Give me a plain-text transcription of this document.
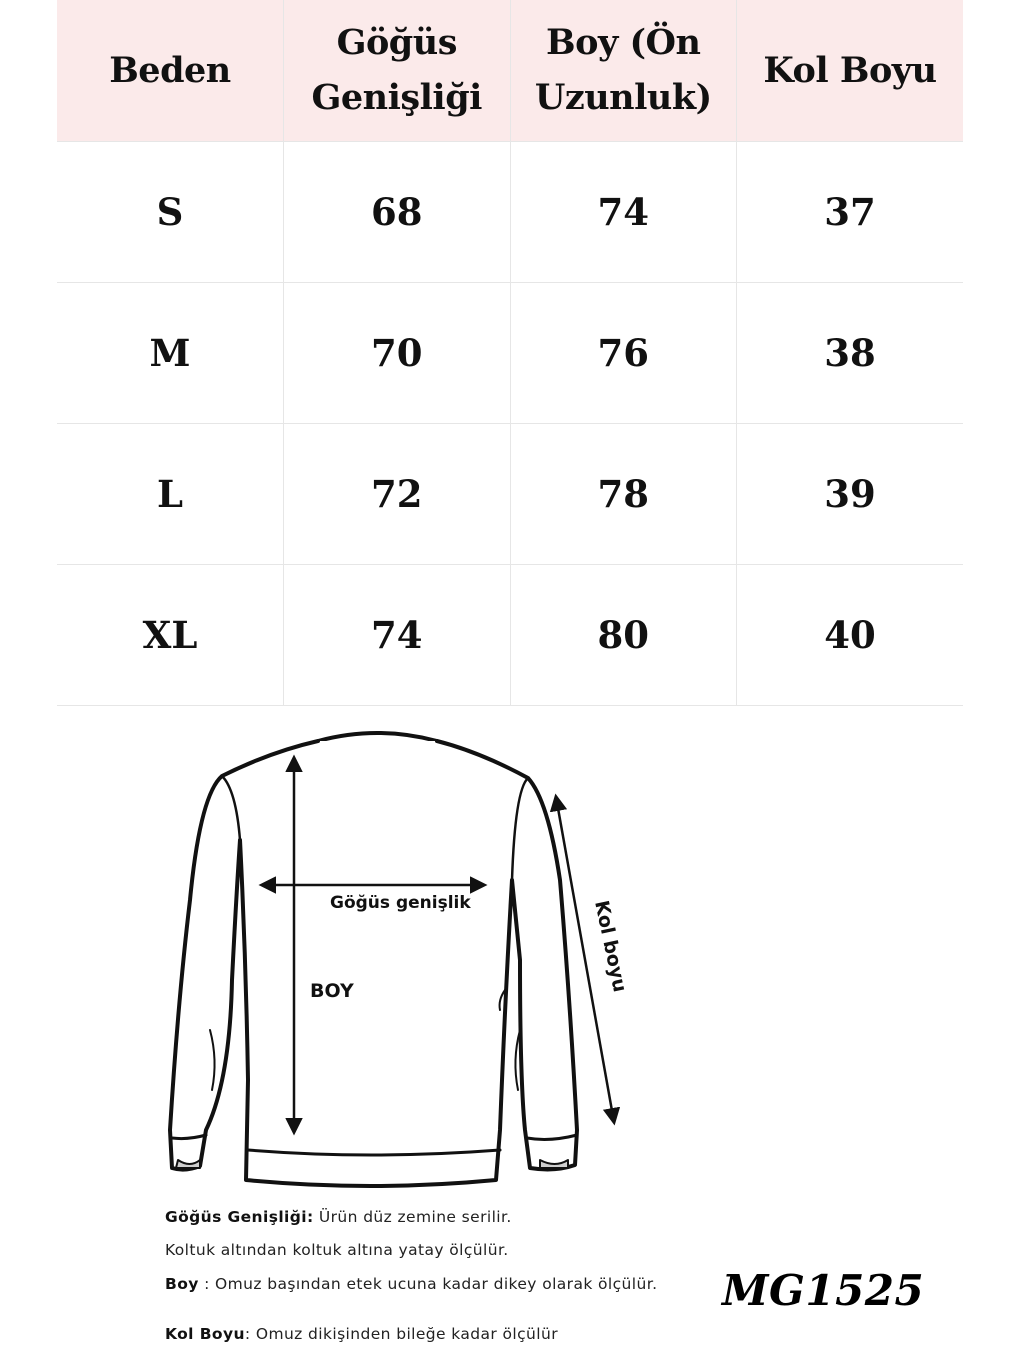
Beden	Göğüs Genişliği	Boy (Ön Uzunluk)	Kol Boyu
S	68	74	37
M	70	76	38
L	72	78	39
XL	74	80	40
Göğüs genişlik
BOY	Kol boyu
Göğüs Genişliği: Ürün düz zemine serilir.
Koltuk altından koltuk altına yatay ölçülür.
Boy : Omuz başından etek ucuna kadar dikey olarak ölçülür.
Kol Boyu: Omuz dikişinden bileğe kadar ölçülür
MG1525
